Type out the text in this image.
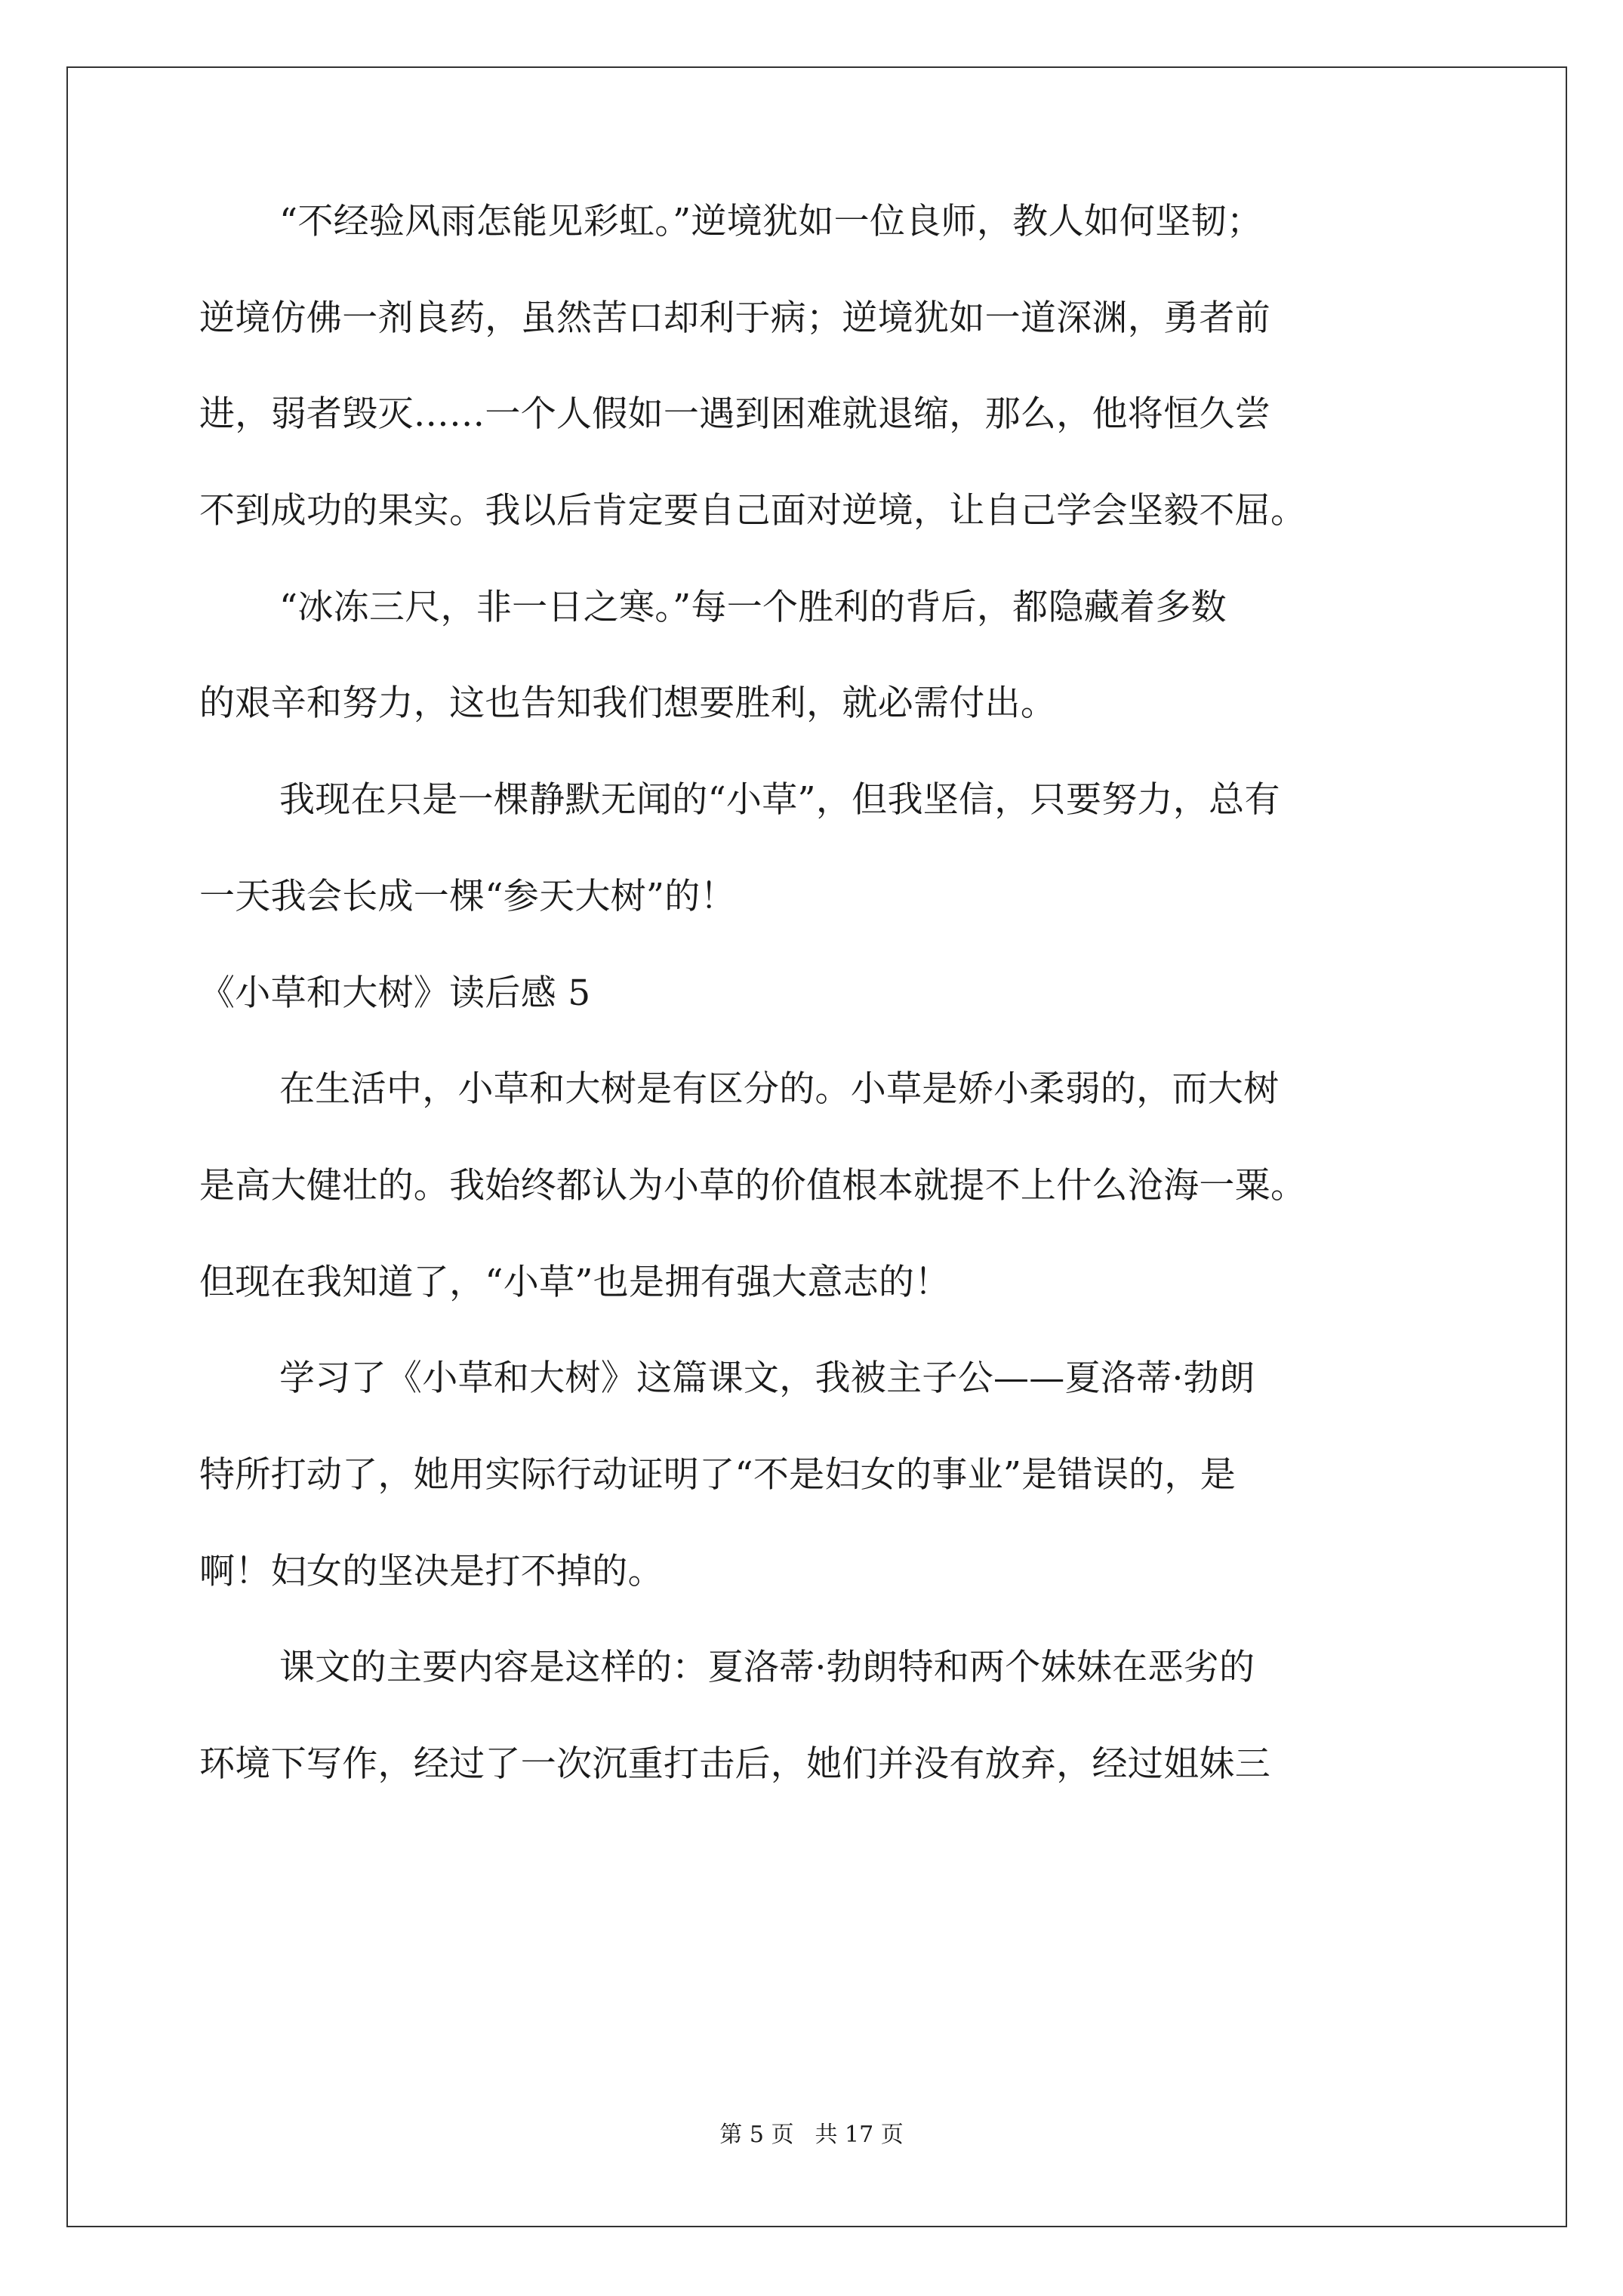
“不经验风雨怎能见彩虹。”逆境犹如一位良师，教人如何坚韧；
逆境仿佛一剂良药，虽然苦口却利于病；逆境犹如一道深渊，勇者前
进，弱者毁灭……一个人假如一遇到困难就退缩，那么，他将恒久尝
不到成功的果实。我以后肯定要自己面对逆境，让自己学会坚毅不屈。
“冰冻三尺，非一日之寒。”每一个胜利的背后，都隐藏着多数
的艰辛和努力，这也告知我们想要胜利，就必需付出。
我现在只是一棵静默无闻的“小草”，但我坚信，只要努力，总有
一天我会长成一棵“参天大树”的！
《小草和大树》读后感 5
在生活中，小草和大树是有区分的。小草是娇小柔弱的，而大树
是高大健壮的。我始终都认为小草的价值根本就提不上什么沧海一粟。
但现在我知道了，“小草”也是拥有强大意志的！
学习了《小草和大树》这篇课文，我被主子公——夏洛蒂·勃朗
特所打动了，她用实际行动证明了“不是妇女的事业”是错误的，是
啊！妇女的坚决是打不掉的。
课文的主要内容是这样的：夏洛蒂·勃朗特和两个妹妹在恶劣的
环境下写作，经过了一次沉重打击后，她们并没有放弃，经过姐妹三
第 5 页 共 17 页
